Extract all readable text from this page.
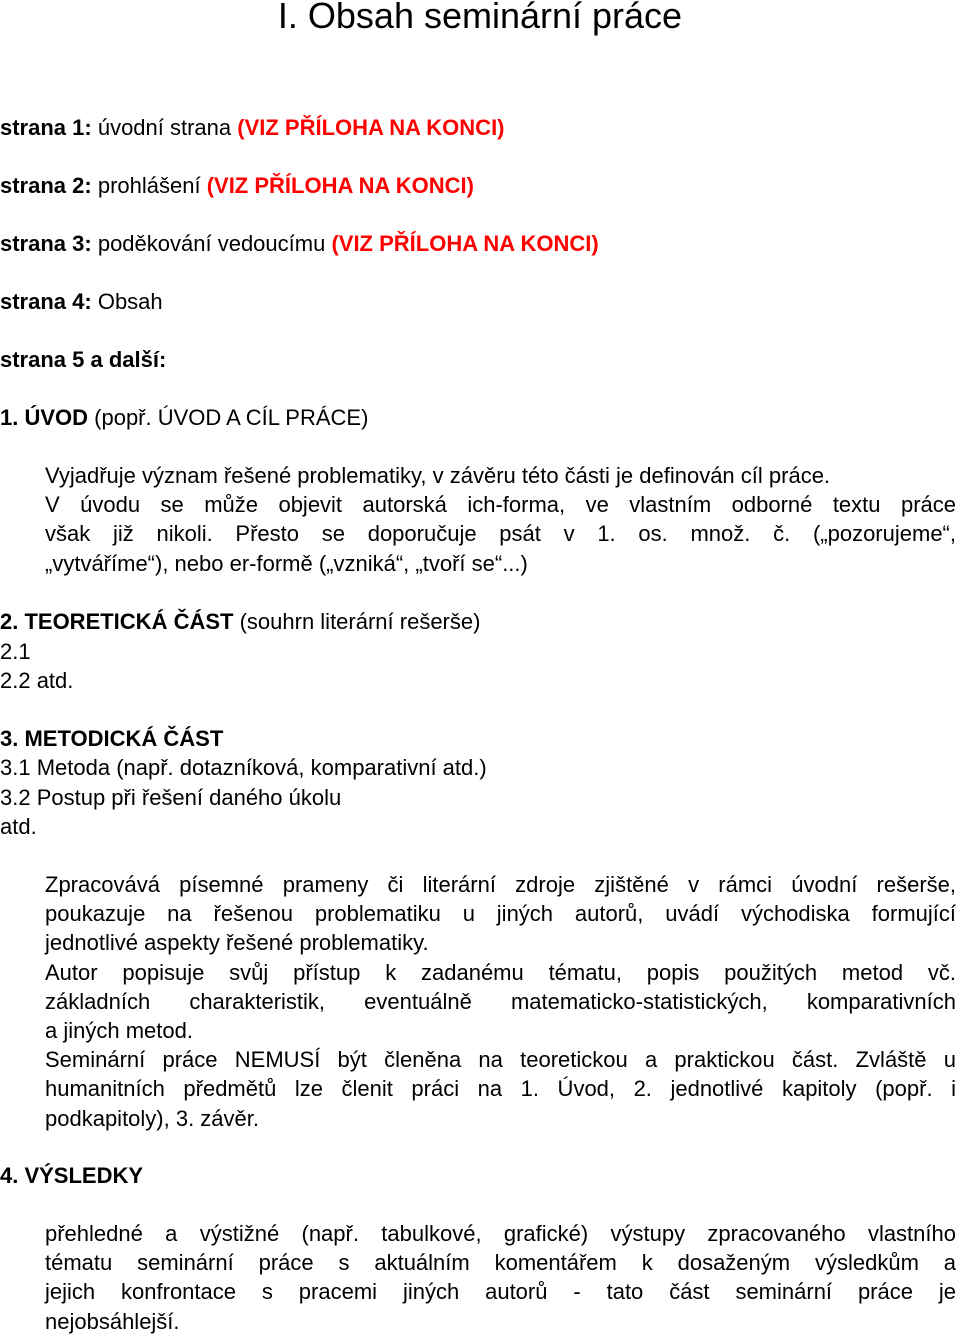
I. Obsah seminární práce
strana 1: úvodní strana (VIZ PŘÍLOHA NA KONCI)
strana 2: prohlášení (VIZ PŘÍLOHA NA KONCI)
strana 3: poděkování vedoucímu (VIZ PŘÍLOHA NA KONCI)
strana 4: Obsah
strana 5 a další:
1. ÚVOD (popř. ÚVOD A CÍL PRÁCE)
Vyjadřuje význam řešené problematiky, v závěru této části je definován cíl práce.
V úvodu se může objevit autorská ich-forma, ve vlastním odborné textu práce
však již nikoli. Přesto se doporučuje psát v 1. os. množ. č. („pozorujeme“,
„vytváříme“), nebo er-formě („vzniká“, „tvoří se“...)
2. TEORETICKÁ ČÁST (souhrn literární rešerše)
2.1
2.2 atd.
3. METODICKÁ ČÁST
3.1 Metoda (např. dotazníková, komparativní atd.)
3.2 Postup při řešení daného úkolu
atd.
Zpracovává písemné prameny či literární zdroje zjištěné v rámci úvodní rešerše,
poukazuje na řešenou problematiku u jiných autorů, uvádí východiska formující
jednotlivé aspekty řešené problematiky.
Autor popisuje svůj přístup k zadanému tématu, popis použitých metod vč.
základních charakteristik, eventuálně matematicko-statistických, komparativních
a jiných metod.
Seminární práce NEMUSÍ být členěna na teoretickou a praktickou část. Zvláště u
humanitních předmětů lze členit práci na 1. Úvod, 2. jednotlivé kapitoly (popř. i
podkapitoly), 3. závěr.
4. VÝSLEDKY
přehledné a výstižné (např. tabulkové, grafické) výstupy zpracovaného vlastního
tématu seminární práce s aktuálním komentářem k dosaženým výsledkům a
jejich konfrontace s pracemi jiných autorů - tato část seminární práce je
nejobsáhlejší.
